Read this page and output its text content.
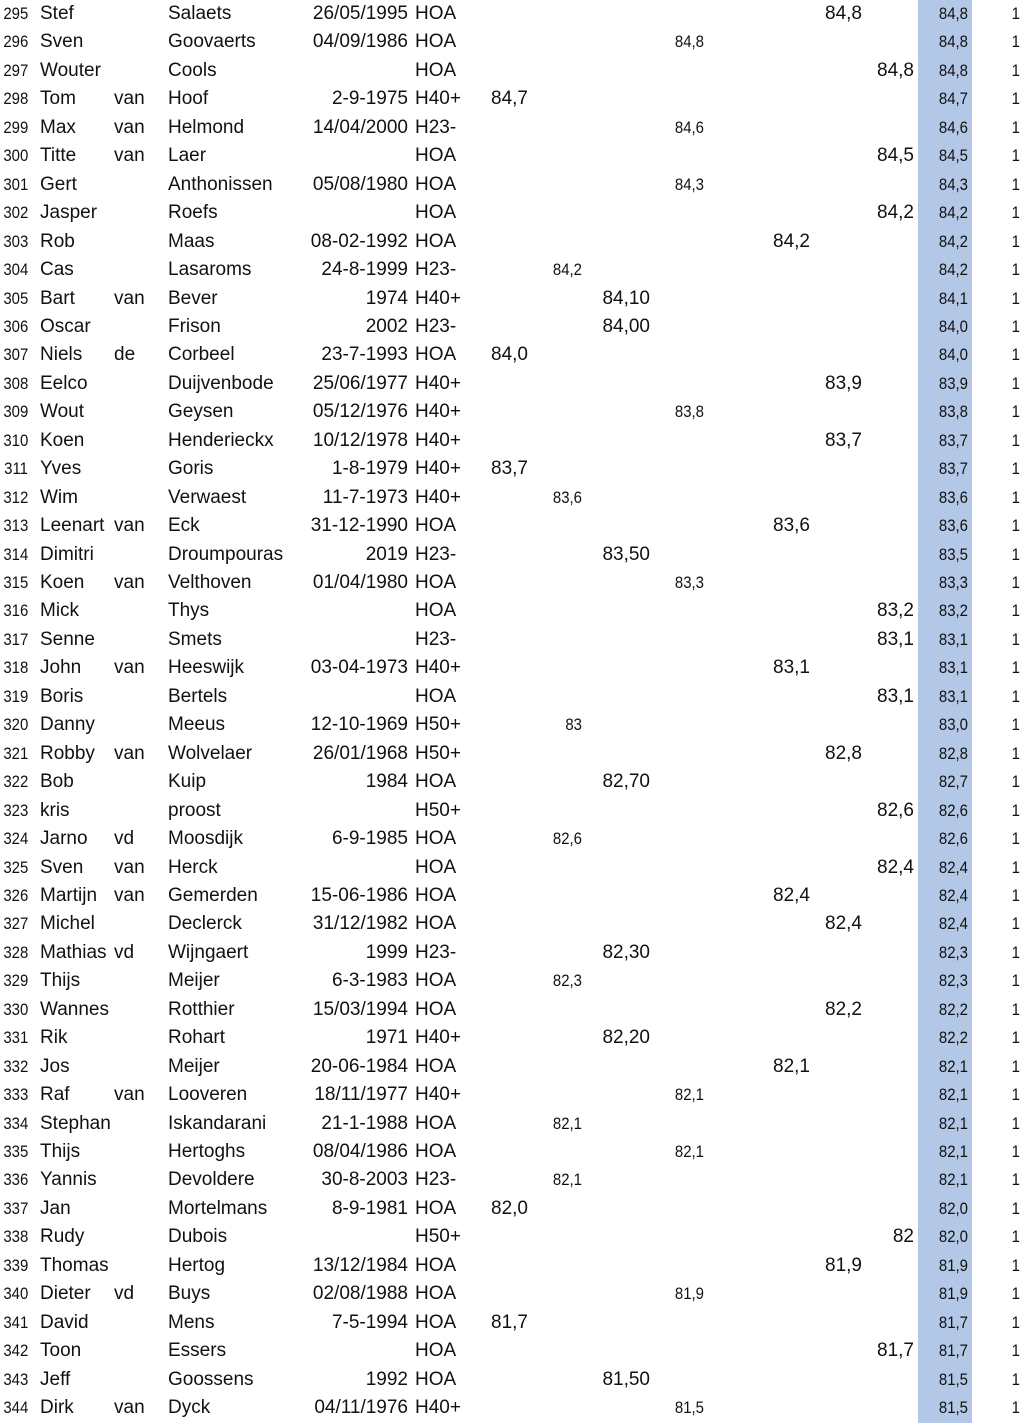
295 Stef	Salaets	26/05/1995 HOA	84,8	84,8	1
296 Sven	Goovaerts	04/09/1986 HOA	84,8	84,8	1
297 Wouter	Cools	HOA	84,8	84,8	1
298 Tom van Hoof	2-9-1975 H40+	84,7	84,7	1
299 Max van Helmond	14/04/2000 H23-	84,6	84,6	1
300 Titte van Laer	HOA	84,5	84,5	1
301 Gert	Anthonissen	05/08/1980 HOA	84,3	84,3	1
302 Jasper	Roefs	HOA	84,2	84,2	1
303 Rob	Maas	08-02-1992 HOA	84,2	84,2	1
304 Cas	Lasaroms	24-8-1999 H23-	84,2	84,2	1
305 Bart van Bever	1974 H40+	84,10	84,1	1
306 Oscar	Frison	2002 H23-	84,00	84,0	1
307 Niels de Corbeel	23-7-1993 HOA	84,0	84,0	1
308 Eelco	Duijvenbode	25/06/1977 H40+	83,9	83,9	1
309 Wout	Geysen	05/12/1976 H40+	83,8	83,8	1
310 Koen	Henderieckx	10/12/1978 H40+	83,7	83,7	1
311 Yves	Goris	1-8-1979 H40+	83,7	83,7	1
312 Wim	Verwaest	11-7-1973 H40+	83,6	83,6	1
313 Leenart van Eck	31-12-1990 HOA	83,6	83,6	1
314 Dimitri	Droumpouras	2019 H23-	83,50	83,5	1
315 Koen van Velthoven	01/04/1980 HOA	83,3	83,3	1
316 Mick	Thys	HOA	83,2	83,2	1
317 Senne	Smets	H23-	83,1	83,1	1
318 John van Heeswijk	03-04-1973 H40+	83,1	83,1	1
319 Boris	Bertels	HOA	83,1	83,1	1
320 Danny	Meeus	12-10-1969 H50+	83	83,0	1
321 Robby van Wolvelaer	26/01/1968 H50+	82,8	82,8	1
322 Bob	Kuip	1984 HOA	82,70	82,7	1
323 kris	proost	H50+	82,6	82,6	1
324 Jarno vd Moosdijk	6-9-1985 HOA	82,6	82,6	1
325 Sven van Herck	HOA	82,4	82,4	1
326 Martijn van Gemerden	15-06-1986 HOA	82,4	82,4	1
327 Michel	Declerck	31/12/1982 HOA	82,4	82,4	1
328 Mathias vd Wijngaert	1999 H23-	82,30	82,3	1
329 Thijs	Meijer	6-3-1983 HOA	82,3	82,3	1
330 Wannes	Rotthier	15/03/1994 HOA	82,2	82,2	1
331 Rik	Rohart	1971 H40+	82,20	82,2	1
332 Jos	Meijer	20-06-1984 HOA	82,1	82,1	1
333 Raf van Looveren	18/11/1977 H40+	82,1	82,1	1
334 Stephan	Iskandarani	21-1-1988 HOA	82,1	82,1	1
335 Thijs	Hertoghs	08/04/1986 HOA	82,1	82,1	1
336 Yannis	Devoldere	30-8-2003 H23-	82,1	82,1	1
337 Jan	Mortelmans	8-9-1981 HOA	82,0	82,0	1
338 Rudy	Dubois	H50+	82	82,0	1
339 Thomas	Hertog	13/12/1984 HOA	81,9	81,9	1
340 Dieter vd Buys	02/08/1988 HOA	81,9	81,9	1
341 David	Mens	7-5-1994 HOA	81,7	81,7	1
342 Toon	Essers	HOA	81,7	81,7	1
343 Jeff	Goossens	1992 HOA	81,50	81,5	1
344 Dirk van Dyck	04/11/1976 H40+	81,5	81,5	1
